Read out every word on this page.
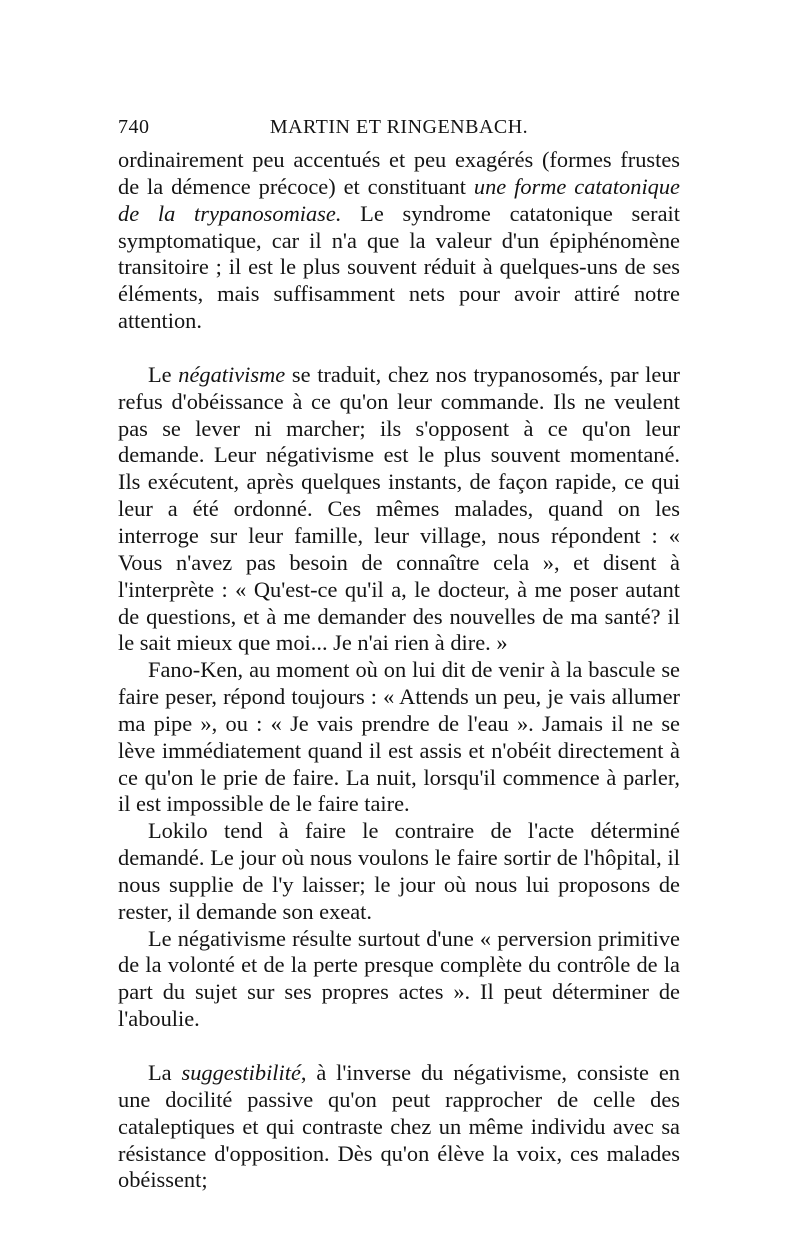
740	MARTIN ET RINGENBACH.

ordinairement peu accentués et peu exagérés (formes frustes de la démence précoce) et constituant une forme catatonique de la trypanosomiase. Le syndrome catatonique serait symptomatique, car il n'a que la valeur d'un épiphénomène transitoire ; il est le plus souvent réduit à quelques-uns de ses éléments, mais suffisamment nets pour avoir attiré notre attention.

Le négativisme se traduit, chez nos trypanosomés, par leur refus d'obéissance à ce qu'on leur commande. Ils ne veulent pas se lever ni marcher; ils s'opposent à ce qu'on leur demande. Leur négativisme est le plus souvent momentané. Ils exécutent, après quelques instants, de façon rapide, ce qui leur a été ordonné. Ces mêmes malades, quand on les interroge sur leur famille, leur village, nous répondent : « Vous n'avez pas besoin de connaître cela », et disent à l'interprète : « Qu'est-ce qu'il a, le docteur, à me poser autant de questions, et à me demander des nouvelles de ma santé? il le sait mieux que moi... Je n'ai rien à dire. »

Fano-Ken, au moment où on lui dit de venir à la bascule se faire peser, répond toujours : « Attends un peu, je vais allumer ma pipe », ou : « Je vais prendre de l'eau ». Jamais il ne se lève immédiatement quand il est assis et n'obéit directement à ce qu'on le prie de faire. La nuit, lorsqu'il commence à parler, il est impossible de le faire taire.

Lokilo tend à faire le contraire de l'acte déterminé demandé. Le jour où nous voulons le faire sortir de l'hôpital, il nous supplie de l'y laisser; le jour où nous lui proposons de rester, il demande son exeat.

Le négativisme résulte surtout d'une « perversion primitive de la volonté et de la perte presque complète du contrôle de la part du sujet sur ses propres actes ». Il peut déterminer de l'aboulie.

La suggestibilité, à l'inverse du négativisme, consiste en une docilité passive qu'on peut rapprocher de celle des cataleptiques et qui contraste chez un même individu avec sa résistance d'opposition. Dès qu'on élève la voix, ces malades obéissent;
